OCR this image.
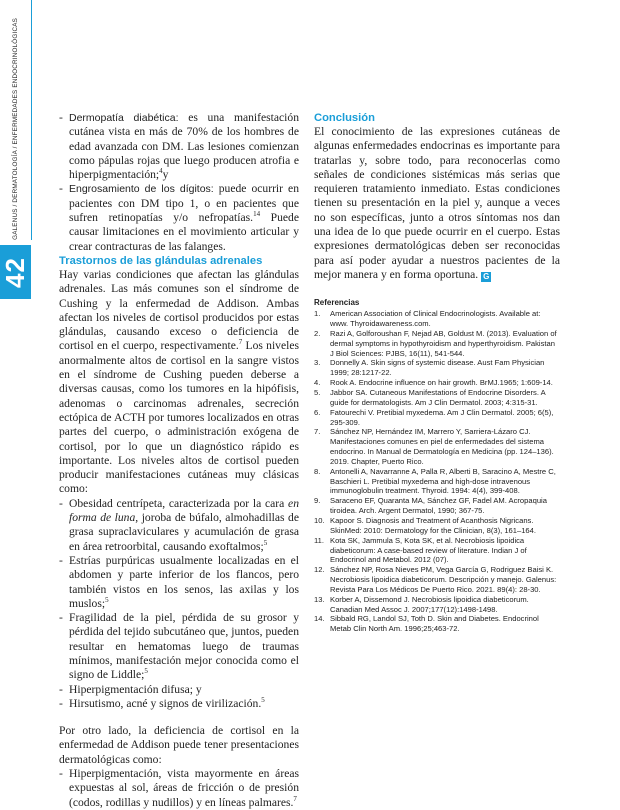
GALENUS / DERMATOLOGÍA / ENFERMEDADES ENDOCRINOLÓGICAS
42
- Dermopatía diabética: es una manifestación cutánea vista en más de 70% de los hombres de edad avanzada con DM. Las lesiones comienzan como pápulas rojas que luego producen atrofia e hiperpigmentación;$^4$y
- Engrosamiento de los dígitos: puede ocurrir en pacientes con DM tipo 1, o en pacientes que sufren retinopatías y/o nefropatías.$^{14}$ Puede causar limitaciones en el movimiento articular y crear contracturas de las falanges.
Trastornos de las glándulas adrenales

Hay varias condiciones que afectan las glándulas adrenales. Las más comunes son el síndrome de Cushing y la enfermedad de Addison. Ambas afectan los niveles de cortisol producidos por estas glándulas, causando exceso o deficiencia de cortisol en el cuerpo, respectivamente.$^7$ Los niveles anormalmente altos de cortisol en la sangre vistos en el síndrome de Cushing pueden deberse a diversas causas, como los tumores en la hipófisis, adenomas o carcinomas adrenales, secreción ectópica de ACTH por tumores localizados en otras partes del cuerpo, o administración exógena de cortisol, por lo que un diagnóstico rápido es importante. Los niveles altos de cortisol pueden producir manifestaciones cutáneas muy clásicas como:

- Obesidad centrípeta, caracterizada por la cara en forma de luna, joroba de búfalo, almohadillas de grasa supraclaviculares y acumulación de grasa en área retroorbital, causando exoftalmos;$^5$
- Estrías purpúricas usualmente localizadas en el abdomen y parte inferior de los flancos, pero también vistos en los senos, las axilas y los muslos;$^5$
- Fragilidad de la piel, pérdida de su grosor y pérdida del tejido subcutáneo que, juntos, pueden resultar en hematomas luego de traumas mínimos, manifestación mejor conocida como el signo de Liddle;$^5$
- Hiperpigmentación difusa; y
- Hirsutismo, acné y signos de virilización.$^5$

Por otro lado, la deficiencia de cortisol en la enfermedad de Addison puede tener presentaciones dermatológicas como:

- Hiperpigmentación, vista mayormente en áreas expuestas al sol, áreas de fricción o de presión (codos, rodillas y nudillos) y en líneas palmares.$^7$
Conclusión

El conocimiento de las expresiones cutáneas de algunas enfermedades endocrinas es importante para tratarlas y, sobre todo, para reconocerlas como señales de condiciones sistémicas más serias que requieren tratamiento inmediato. Estas condiciones tienen su presentación en la piel y, aunque a veces no son específicas, junto a otros síntomas nos dan una idea de lo que puede ocurrir en el cuerpo. Estas expresiones dermatológicas deben ser reconocidas para así poder ayudar a nuestros pacientes de la mejor manera y en forma oportuna. G

Referencias
1. American Association of Clinical Endocrinologists. Available at: www. Thyroidawareness.com.
2. Razi A, Golforoushan F, Nejad AB, Goldust M. (2013). Evaluation of dermal symptoms in hypothyroidism and hyperthyroidism. Pakistan J Biol Sciences: PJBS, 16(11), 541-544.
3. Donnelly A. Skin signs of systemic disease. Aust Fam Physician 1999; 28:1217-22.
4. Rook A. Endocrine influence on hair growth. BrMJ.1965; 1:609-14.
5. Jabbor SA. Cutaneous Manifestations of Endocrine Disorders. A guide for dermatologists. Am J Clin Dermatol. 2003; 4:315-31.
6. Fatourechi V. Pretibial myxedema. Am J Clin Dermatol. 2005; 6(5), 295-309.
7. Sánchez NP, Hernández IM, Marrero Y, Sarriera-Lázaro CJ. Manifestaciones comunes en piel de enfermedades del sistema endocrino. In Manual de Dermatología en Medicina (pp. 124–136). 2019. Chapter, Puerto Rico.
8. Antonelli A, Navarranne A, Palla R, Alberti B, Saracino A, Mestre C, Baschieri L. Pretibial myxedema and high-dose intravenous immunoglobulin treatment. Thyroid. 1994: 4(4), 399-408.
9. Saraceno EF, Quaranta MA, Sánchez GF, Fadel AM. Acropaquia tiroidea. Arch. Argent Dermatol, 1990; 367-75.
10. Kapoor S. Diagnosis and Treatment of Acanthosis Nigricans. SkinMed: 2010: Dermatology for the Clinician, 8(3), 161–164.
11. Kota SK, Jammula S, Kota SK, et al. Necrobiosis lipoidica diabeticorum: A case-based review of literature. Indian J of Endocrinol and Metabol. 2012 (07).
12. Sánchez NP, Rosa Nieves PM, Vega García G, Rodriguez Baisi K. Necrobiosis lipoidica diabeticorum. Descripción y manejo. Galenus: Revista Para Los Médicos De Puerto Rico. 2021. 89(4): 28-30.
13. Korber A, Dissemond J. Necrobiosis lipoidica diabeticorum. Canadian Med Assoc J. 2007;177(12):1498-1498.
14. Sibbald RG, Landol SJ, Toth D. Skin and Diabetes. Endocrinol Metab Clin North Am. 1996;25;463-72.
